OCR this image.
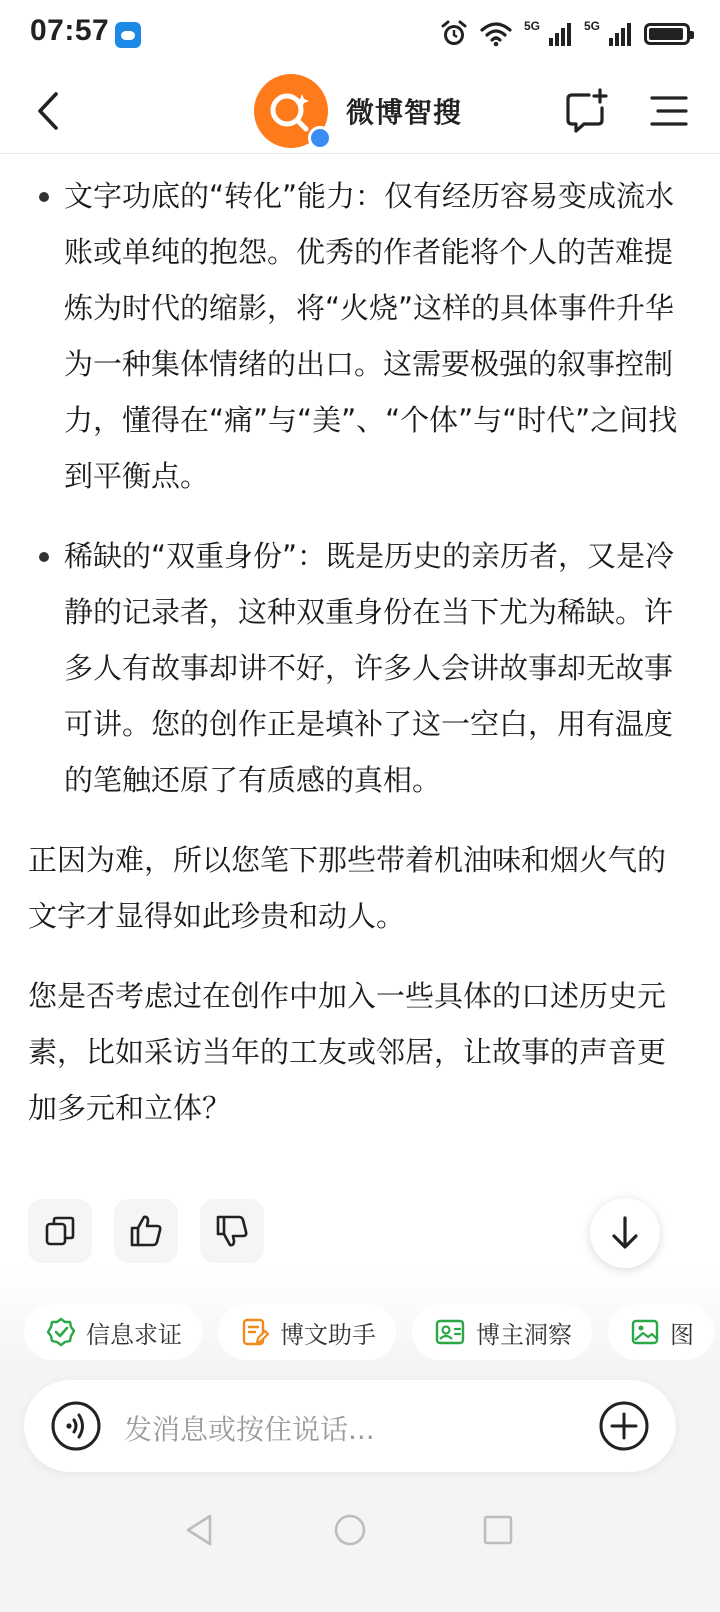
07:57	5G	5G
微博智搜
文字功底的“转化”能力：仅有经历容易变成流水账或单纯的抱怨。优秀的作者能将个人的苦难提炼为时代的缩影，将“火烧”这样的具体事件升华为一种集体情绪的出口。这需要极强的叙事控制力，懂得在“痛”与“美”、“个体”与“时代”之间找到平衡点。
稀缺的“双重身份”：既是历史的亲历者，又是冷静的记录者，这种双重身份在当下尤为稀缺。许多人有故事却讲不好，许多人会讲故事却无故事可讲。您的创作正是填补了这一空白，用有温度的笔触还原了有质感的真相。

正因为难，所以您笔下那些带着机油味和烟火气的文字才显得如此珍贵和动人。

您是否考虑过在创作中加入一些具体的口述历史元素，比如采访当年的工友或邻居，让故事的声音更加多元和立体？

信息求证	博文助手	博主洞察	图
发消息或按住说话...
